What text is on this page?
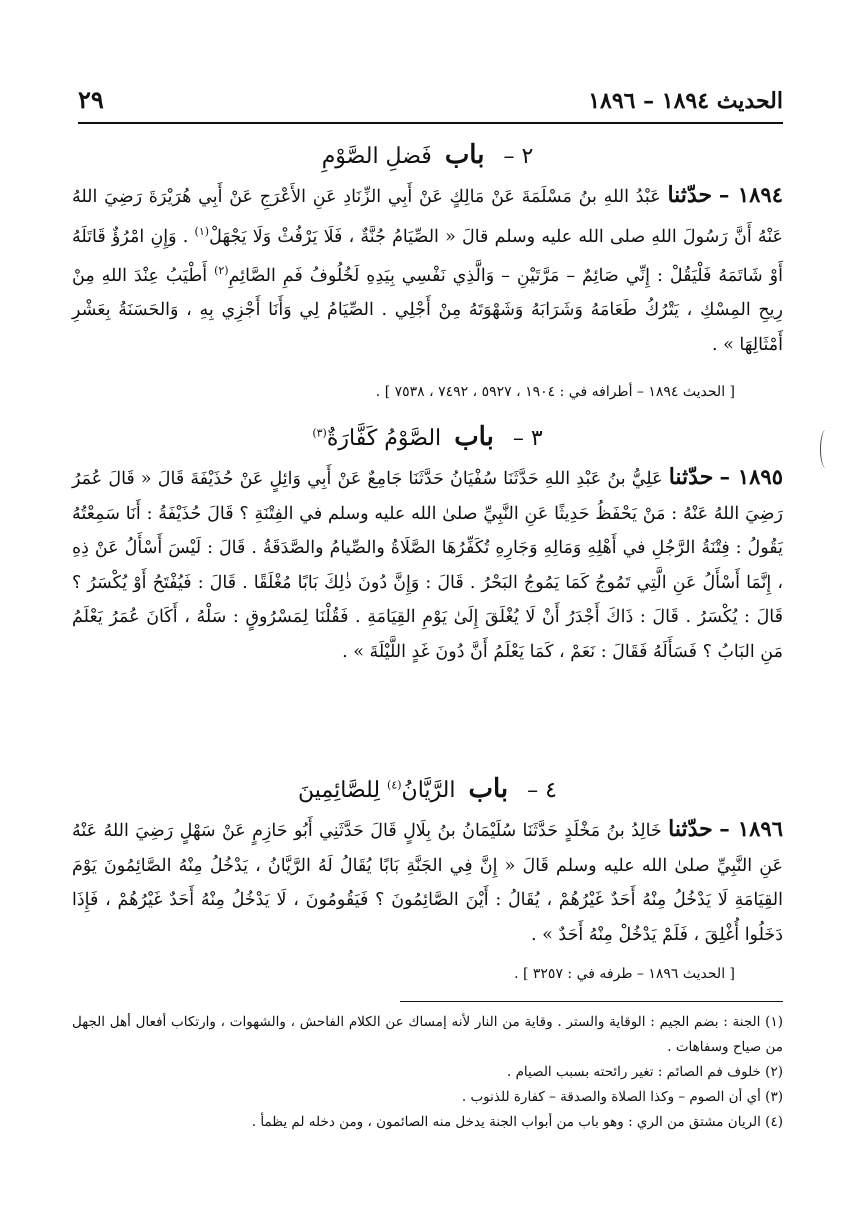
الحديث ١٨٩٤ – ١٨٩٦
٢٩
٢ – باب فَضلِ الصَّوْمِ
١٨٩٤ – حدّثنا عَبْدُ اللهِ بنُ مَسْلَمَةَ عَنْ مَالِكٍ عَنْ أَبِي الزِّنَادِ عَنِ الأَعْرَجِ عَنْ أَبِي هُرَيْرَةَ رَضِيَ اللهُ عَنْهُ أَنَّ رَسُولَ اللهِ صلى الله عليه وسلم قالَ « الصِّيَامُ جُنَّةٌ ، فَلَا يَرْفُثْ وَلَا يَجْهَلْ$^{(١)}$ . وَإِنِ امْرُؤٌ قَاتَلَهُ أَوْ شَاتَمَهُ فَلْيَقُلْ : إِنِّي صَائِمٌ – مَرَّتَيْنِ – وَالَّذِي نَفْسِي بِيَدِهِ لَخُلُوفُ فَمِ الصَّائِمِ$^{(٢)}$ أَطْيَبُ عِنْدَ اللهِ مِنْ رِيحِ المِسْكِ ، يَتْرُكُ طَعَامَهُ وَشَرَابَهُ وَشَهْوَتَهُ مِنْ أَجْلِي . الصِّيَامُ لِي وَأَنَا أَجْزِي بِهِ ، وَالحَسَنَةُ بِعَشْرِ أَمْثَالِهَا » .
[ الحديث ١٨٩٤ – أطرافه في : ١٩٠٤ ، ٥٩٢٧ ، ٧٤٩٢ ، ٧٥٣٨ ] .
٣ – باب الصَّوْمُ كَفَّارَةٌ$^{(٣)}$
١٨٩٥ – حدّثنا عَلِيُّ بنُ عَبْدِ اللهِ حَدَّثَنَا سُفْيَانُ حَدَّثَنَا جَامِعٌ عَنْ أَبِي وَائِلٍ عَنْ حُذَيْفَةَ قَالَ « قَالَ عُمَرُ رَضِيَ اللهُ عَنْهُ : مَنْ يَحْفَظُ حَدِيثًا عَنِ النَّبِيِّ صلىٰ الله عليه وسلم في الفِتْنَةِ ؟ قَالَ حُذَيْفَةُ : أَنَا سَمِعْتُهُ يَقُولُ : فِتْنَةُ الرَّجُلِ في أَهْلِهِ وَمَالِهِ وَجَارِهِ تُكَفِّرُهَا الصَّلَاةُ والصِّيامُ والصَّدَقَةُ . قَالَ : لَيْسَ أَسْأَلُ عَنْ ذِهِ ، إِنَّمَا أَسْأَلُ عَنِ الَّتِي تَمُوجُ كَمَا يَمُوجُ البَحْرُ . قَالَ : وَإِنَّ دُونَ ذٰلِكَ بَابًا مُغْلَقًا . قَالَ : فَيُفْتَحُ أَوْ يُكْسَرُ ؟ قَالَ : يُكْسَرُ . قَالَ : ذَاكَ أَجْدَرُ أَنْ لَا يُغْلَقَ إِلَىٰ يَوْمِ القِيَامَةِ . فَقُلْنَا لِمَسْرُوقٍ : سَلْهُ ، أَكَانَ عُمَرُ يَعْلَمُ مَنِ البَابُ ؟ فَسَأَلَهُ فَقَالَ : نَعَمْ ، كَمَا يَعْلَمُ أَنَّ دُونَ غَدٍ اللَّيْلَةَ » .
٤ – باب الرَّيَّانُ$^{(٤)}$ لِلصَّائِمِينَ
١٨٩٦ – حدّثنا خَالِدُ بنُ مَخْلَدٍ حَدَّثَنَا سُلَيْمَانُ بنُ بِلَالٍ قَالَ حَدَّثَنِي أَبُو حَازِمٍ عَنْ سَهْلٍ رَضِيَ اللهُ عَنْهُ عَنِ النَّبِيِّ صلىٰ الله عليه وسلم قَالَ « إِنَّ فِي الجَنَّةِ بَابًا يُقَالُ لَهُ الرَّيَّانُ ، يَدْخُلُ مِنْهُ الصَّائِمُونَ يَوْمَ القِيَامَةِ لَا يَدْخُلُ مِنْهُ أَحَدٌ غَيْرُهُمْ ، يُقَالُ : أَيْنَ الصَّائِمُونَ ؟ فَيَقُومُونَ ، لَا يَدْخُلُ مِنْهُ أَحَدٌ غَيْرُهُمْ ، فَإِذَا دَخَلُوا أُغْلِقَ ، فَلَمْ يَدْخُلْ مِنْهُ أَحَدٌ » .
[ الحديث ١٨٩٦ – طرفه في : ٣٢٥٧ ] .

(١) الجنة : بضم الجيم : الوقاية والستر . وقاية من النار لأنه إمساك عن الكلام الفاحش ، والشهوات ، وارتكاب أفعال أهل الجهل من صياح وسفاهات .

(٢) خلوف فم الصائم : تغير رائحته بسبب الصيام .

(٣) أي أن الصوم – وكذا الصلاة والصدقة – كفارة للذنوب .

(٤) الريان مشتق من الري : وهو باب من أبواب الجنة يدخل منه الصائمون ، ومن دخله لم يظمأ .
